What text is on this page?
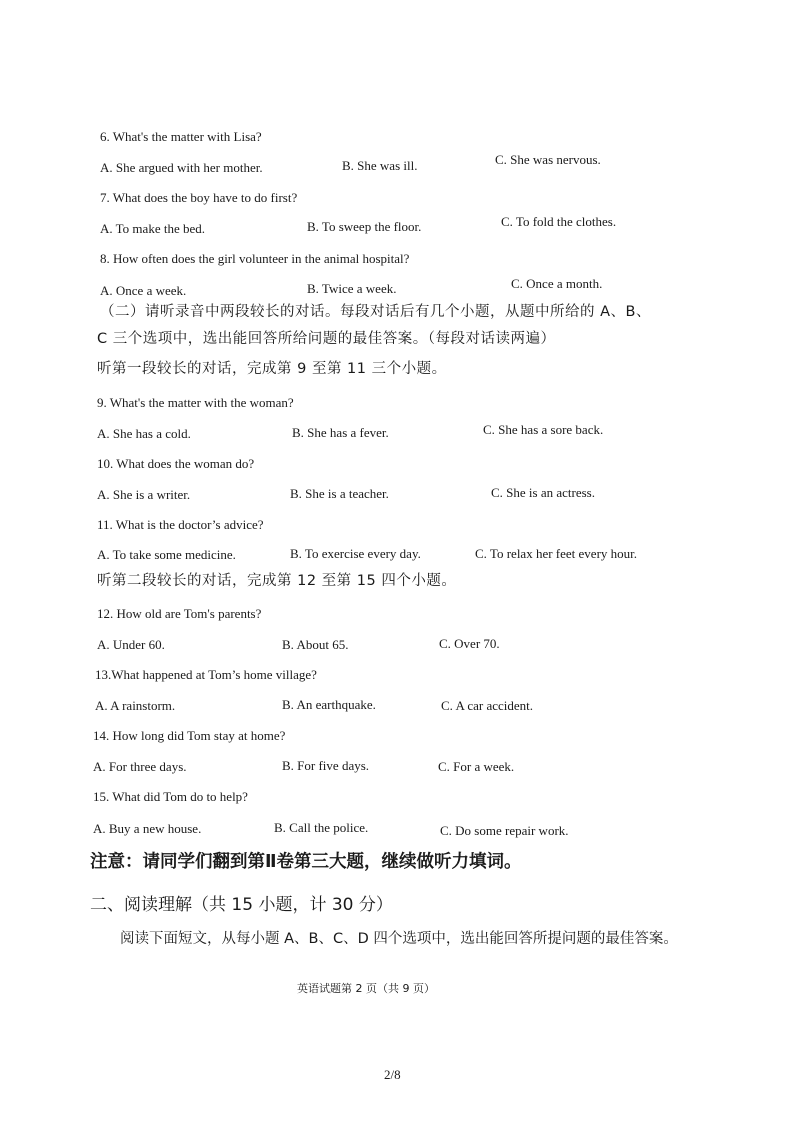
6. What's the matter with Lisa?
A. She argued with her mother.	B. She was ill.	C. She was nervous.
7. What does the boy have to do first?
A. To make the bed.	B. To sweep the floor.	C. To fold the clothes.
8. How often does the girl volunteer in the animal hospital?
A. Once a week.	B. Twice a week.	C. Once a month.
（二）请听录音中两段较长的对话。每段对话后有几个小题，从题中所给的 A、B、
C 三个选项中，选出能回答所给问题的最佳答案。（每段对话读两遍）
听第一段较长的对话，完成第 9 至第 11 三个小题。
9. What's the matter with the woman?
A. She has a cold.	B. She has a fever.	C. She has a sore back.
10. What does the woman do?
A. She is a writer.	B. She is a teacher.	C. She is an actress.
11. What is the doctor’s advice?
A. To take some medicine.	B. To exercise every day.	C. To relax her feet every hour.
听第二段较长的对话，完成第 12 至第 15 四个小题。
12. How old are Tom's parents?
A. Under 60.	B. About 65.	C. Over 70.
13.What happened at Tom’s home village?
A. A rainstorm.	B. An earthquake.	C. A car accident.
14. How long did Tom stay at home?
A. For three days.	B. For five days.	C. For a week.
15. What did Tom do to help?
A. Buy a new house.	B. Call the police.	C. Do some repair work.
注意：请同学们翻到第Ⅱ卷第三大题，继续做听力填词。
二、阅读理解（共 15 小题，计 30 分）
阅读下面短文，从每小题 A、B、C、D 四个选项中，选出能回答所提问题的最佳答案。
英语试题第 2 页（共 9 页）
2/8
